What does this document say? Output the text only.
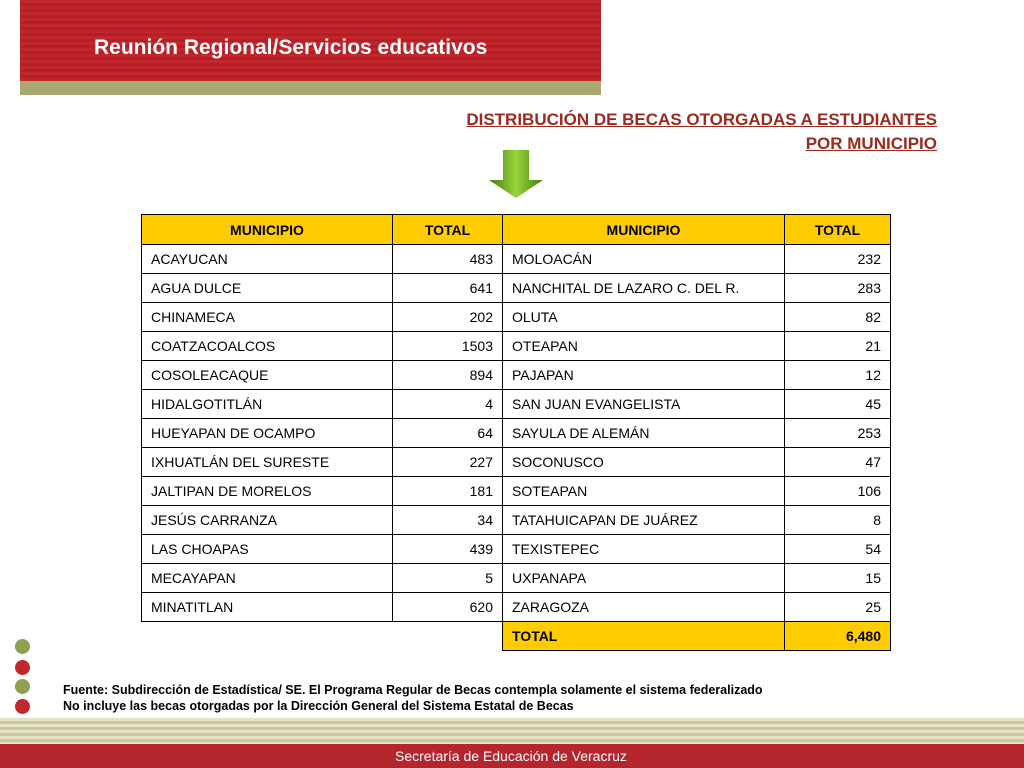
Reunión Regional/Servicios educativos
DISTRIBUCIÓN DE BECAS OTORGADAS A ESTUDIANTES
POR MUNICIPIO
MUNICIPIO	TOTAL	MUNICIPIO	TOTAL
ACAYUCAN	483	MOLOACÁN	232
AGUA DULCE	641	NANCHITAL DE LAZARO C. DEL R.	283
CHINAMECA	202	OLUTA	82
COATZACOALCOS	1503	OTEAPAN	21
COSOLEACAQUE	894	PAJAPAN	12
HIDALGOTITLÁN	4	SAN JUAN EVANGELISTA	45
HUEYAPAN DE OCAMPO	64	SAYULA DE ALEMÁN	253
IXHUATLÁN DEL SURESTE	227	SOCONUSCO	47
JALTIPAN DE MORELOS	181	SOTEAPAN	106
JESÚS CARRANZA	34	TATAHUICAPAN DE JUÁREZ	8
LAS CHOAPAS	439	TEXISTEPEC	54
MECAYAPAN	5	UXPANAPA	15
MINATITLAN	620	ZARAGOZA	25
		TOTAL	6,480
Fuente: Subdirección de Estadística/ SE. El Programa Regular de Becas contempla solamente el sistema federalizado
No incluye las becas otorgadas por la Dirección General del Sistema Estatal de Becas
Secretaría de Educación de Veracruz
